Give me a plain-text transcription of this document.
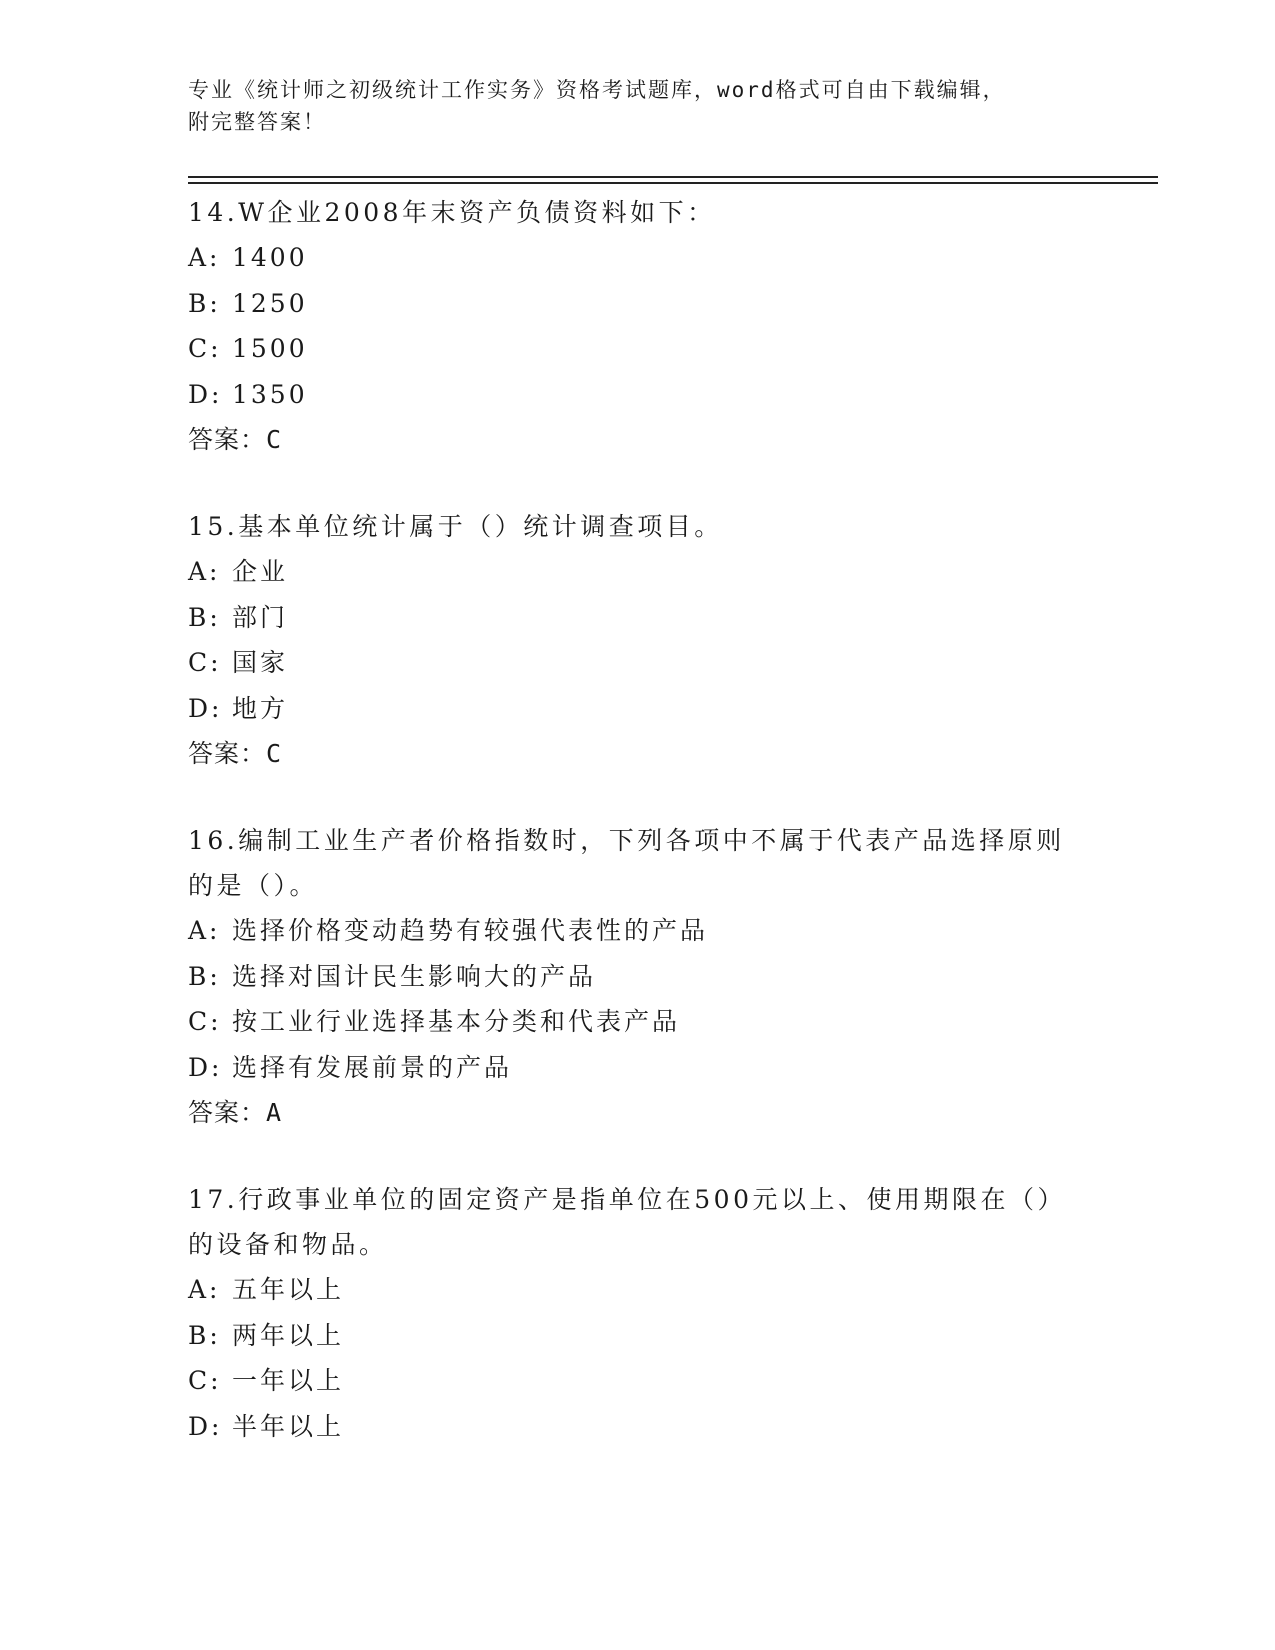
专业《统计师之初级统计工作实务》资格考试题库，word格式可自由下载编辑，
附完整答案！
14.W企业2008年末资产负债资料如下：
A: 1400
B: 1250
C: 1500
D: 1350
答案：C
15.基本单位统计属于（）统计调查项目。
A: 企业
B: 部门
C: 国家
D: 地方
答案：C
16.编制工业生产者价格指数时，下列各项中不属于代表产品选择原则
的是（）。
A: 选择价格变动趋势有较强代表性的产品
B: 选择对国计民生影响大的产品
C: 按工业行业选择基本分类和代表产品
D: 选择有发展前景的产品
答案：A
17.行政事业单位的固定资产是指单位在500元以上、使用期限在（）
的设备和物品。
A: 五年以上
B: 两年以上
C: 一年以上
D: 半年以上
